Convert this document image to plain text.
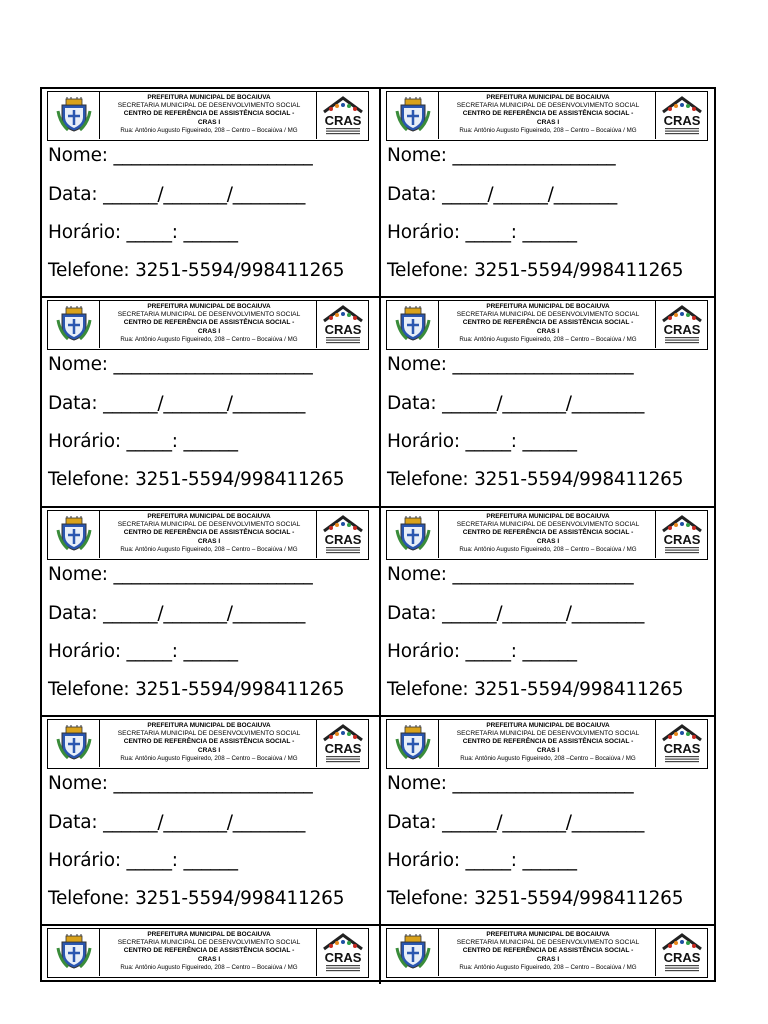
PREFEITURA MUNICIPAL DE BOCAIUVA
SECRETARIA MUNICIPAL DE DESENVOLVIMENTO SOCIAL
CENTRO DE REFERÊNCIA DE ASSISTÊNCIA SOCIAL -
CRAS I
Rua: Antônio Augusto Figueiredo, 208 – Centro – Bocaiúva / MG
CRAS
Nome: ______________________
Data: ______/_______/________
Horário: _____: ______
Telefone: 3251-5594/998411265
PREFEITURA MUNICIPAL DE BOCAIUVA
SECRETARIA MUNICIPAL DE DESENVOLVIMENTO SOCIAL
CENTRO DE REFERÊNCIA DE ASSISTÊNCIA SOCIAL -
CRAS I
Rua: Antônio Augusto Figueiredo, 208 – Centro – Bocaiúva / MG
CRAS
Nome: __________________
Data: _____/______/_______
Horário: _____: ______
Telefone: 3251-5594/998411265
PREFEITURA MUNICIPAL DE BOCAIUVA
SECRETARIA MUNICIPAL DE DESENVOLVIMENTO SOCIAL
CENTRO DE REFERÊNCIA DE ASSISTÊNCIA SOCIAL -
CRAS I
Rua: Antônio Augusto Figueiredo, 208 – Centro – Bocaiúva / MG
CRAS
Nome: ______________________
Data: ______/_______/________
Horário: _____: ______
Telefone: 3251-5594/998411265
PREFEITURA MUNICIPAL DE BOCAIUVA
SECRETARIA MUNICIPAL DE DESENVOLVIMENTO SOCIAL
CENTRO DE REFERÊNCIA DE ASSISTÊNCIA SOCIAL -
CRAS I
Rua: Antônio Augusto Figueiredo, 208 – Centro – Bocaiúva / MG
CRAS
Nome: ____________________
Data: ______/_______/________
Horário: _____: ______
Telefone: 3251-5594/998411265
PREFEITURA MUNICIPAL DE BOCAIUVA
SECRETARIA MUNICIPAL DE DESENVOLVIMENTO SOCIAL
CENTRO DE REFERÊNCIA DE ASSISTÊNCIA SOCIAL -
CRAS I
Rua: Antônio Augusto Figueiredo, 208 – Centro – Bocaiúva / MG
CRAS
Nome: ______________________
Data: ______/_______/________
Horário: _____: ______
Telefone: 3251-5594/998411265
PREFEITURA MUNICIPAL DE BOCAIUVA
SECRETARIA MUNICIPAL DE DESENVOLVIMENTO SOCIAL
CENTRO DE REFERÊNCIA DE ASSISTÊNCIA SOCIAL -
CRAS I
Rua: Antônio Augusto Figueiredo, 208 – Centro – Bocaiúva / MG
CRAS
Nome: ____________________
Data: ______/_______/________
Horário: _____: ______
Telefone: 3251-5594/998411265
PREFEITURA MUNICIPAL DE BOCAIUVA
SECRETARIA MUNICIPAL DE DESENVOLVIMENTO SOCIAL
CENTRO DE REFERÊNCIA DE ASSISTÊNCIA SOCIAL -
CRAS I
Rua: Antônio Augusto Figueiredo, 208 – Centro – Bocaiúva / MG
CRAS
Nome: ______________________
Data: ______/_______/________
Horário: _____: ______
Telefone: 3251-5594/998411265
PREFEITURA MUNICIPAL DE BOCAIUVA
SECRETARIA MUNICIPAL DE DESENVOLVIMENTO SOCIAL
CENTRO DE REFERÊNCIA DE ASSISTÊNCIA SOCIAL -
CRAS I
Rua: Antônio Augusto Figueiredo, 208 –Centro – Bocaiúva / MG
CRAS
Nome: ____________________
Data: ______/_______/________
Horário: _____: ______
Telefone: 3251-5594/998411265
PREFEITURA MUNICIPAL DE BOCAIUVA
SECRETARIA MUNICIPAL DE DESENVOLVIMENTO SOCIAL
CENTRO DE REFERÊNCIA DE ASSISTÊNCIA SOCIAL -
CRAS I
Rua: Antônio Augusto Figueiredo, 208 – Centro – Bocaiúva / MG
CRAS
PREFEITURA MUNICIPAL DE BOCAIUVA
SECRETARIA MUNICIPAL DE DESENVOLVIMENTO SOCIAL
CENTRO DE REFERÊNCIA DE ASSISTÊNCIA SOCIAL -
CRAS I
Rua: Antônio Augusto Figueiredo, 208 – Centro – Bocaiúva / MG
CRAS
